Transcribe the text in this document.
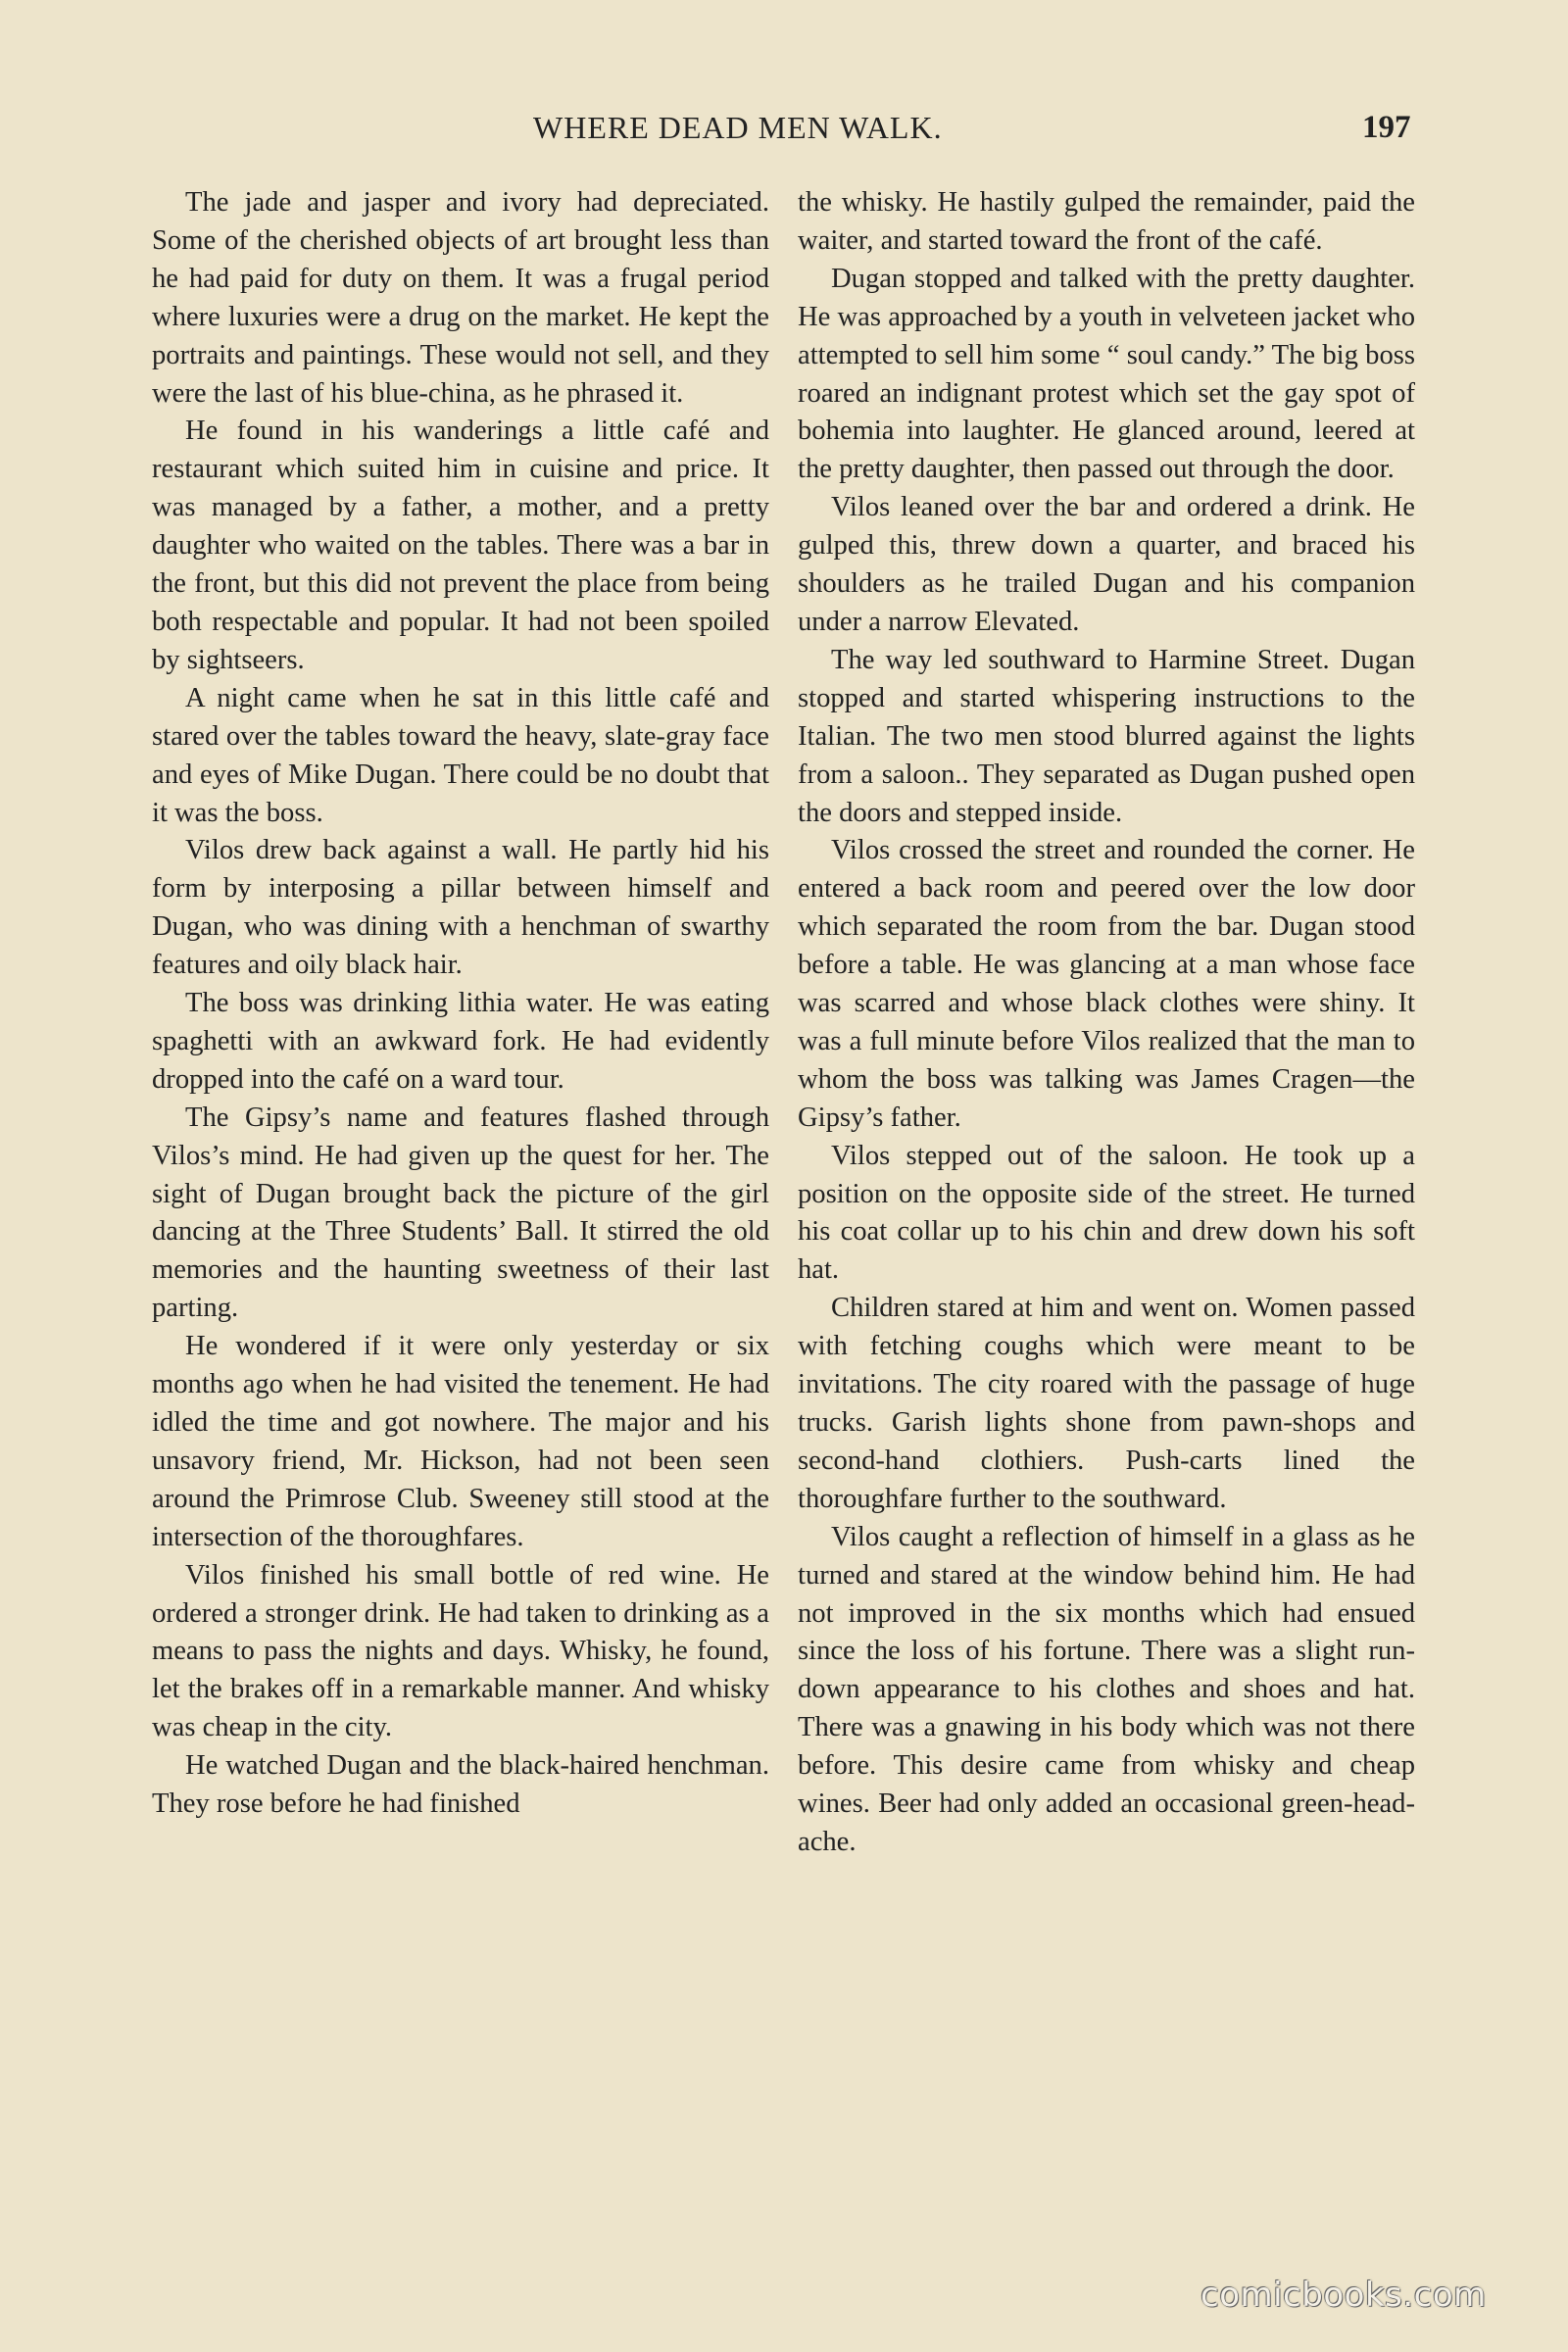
WHERE DEAD MEN WALK.	197

The jade and jasper and ivory had depreciated. Some of the cherished objects of art brought less than he had paid for duty on them. It was a frugal period where luxuries were a drug on the market. He kept the portraits and paintings. These would not sell, and they were the last of his blue-china, as he phrased it.

He found in his wanderings a little café and restaurant which suited him in cuisine and price. It was managed by a father, a mother, and a pretty daughter who waited on the tables. There was a bar in the front, but this did not prevent the place from being both respectable and popular. It had not been spoiled by sightseers.

A night came when he sat in this little café and stared over the tables toward the heavy, slate-gray face and eyes of Mike Dugan. There could be no doubt that it was the boss.

Vilos drew back against a wall. He partly hid his form by interposing a pillar between himself and Dugan, who was dining with a henchman of swarthy features and oily black hair.

The boss was drinking lithia water. He was eating spaghetti with an awkward fork. He had evidently dropped into the café on a ward tour.

The Gipsy’s name and features flashed through Vilos’s mind. He had given up the quest for her. The sight of Dugan brought back the picture of the girl dancing at the Three Students’ Ball. It stirred the old memories and the haunting sweetness of their last parting.

He wondered if it were only yesterday or six months ago when he had visited the tenement. He had idled the time and got nowhere. The major and his unsavory friend, Mr. Hickson, had not been seen around the Primrose Club. Sweeney still stood at the intersection of the thoroughfares.

Vilos finished his small bottle of red wine. He ordered a stronger drink. He had taken to drinking as a means to pass the nights and days. Whisky, he found, let the brakes off in a remarkable manner. And whisky was cheap in the city.

He watched Dugan and the black-haired henchman. They rose before he had finished

the whisky. He hastily gulped the remainder, paid the waiter, and started toward the front of the café.

Dugan stopped and talked with the pretty daughter. He was approached by a youth in velveteen jacket who attempted to sell him some “ soul candy.” The big boss roared an indignant protest which set the gay spot of bohemia into laughter. He glanced around, leered at the pretty daughter, then passed out through the door.

Vilos leaned over the bar and ordered a drink. He gulped this, threw down a quarter, and braced his shoulders as he trailed Dugan and his companion under a narrow Elevated.

The way led southward to Harmine Street. Dugan stopped and started whispering instructions to the Italian. The two men stood blurred against the lights from a saloon.. They separated as Dugan pushed open the doors and stepped inside.

Vilos crossed the street and rounded the corner. He entered a back room and peered over the low door which separated the room from the bar. Dugan stood before a table. He was glancing at a man whose face was scarred and whose black clothes were shiny. It was a full minute before Vilos realized that the man to whom the boss was talking was James Cragen—the Gipsy’s father.

Vilos stepped out of the saloon. He took up a position on the opposite side of the street. He turned his coat collar up to his chin and drew down his soft hat.

Children stared at him and went on. Women passed with fetching coughs which were meant to be invitations. The city roared with the passage of huge trucks. Garish lights shone from pawn-shops and second-hand clothiers. Push-carts lined the thoroughfare further to the southward.

Vilos caught a reflection of himself in a glass as he turned and stared at the window behind him. He had not improved in the six months which had ensued since the loss of his fortune. There was a slight rundown appearance to his clothes and shoes and hat. There was a gnawing in his body which was not there before. This desire came from whisky and cheap wines. Beer had only added an occasional green-headache.

comicbooks.com
